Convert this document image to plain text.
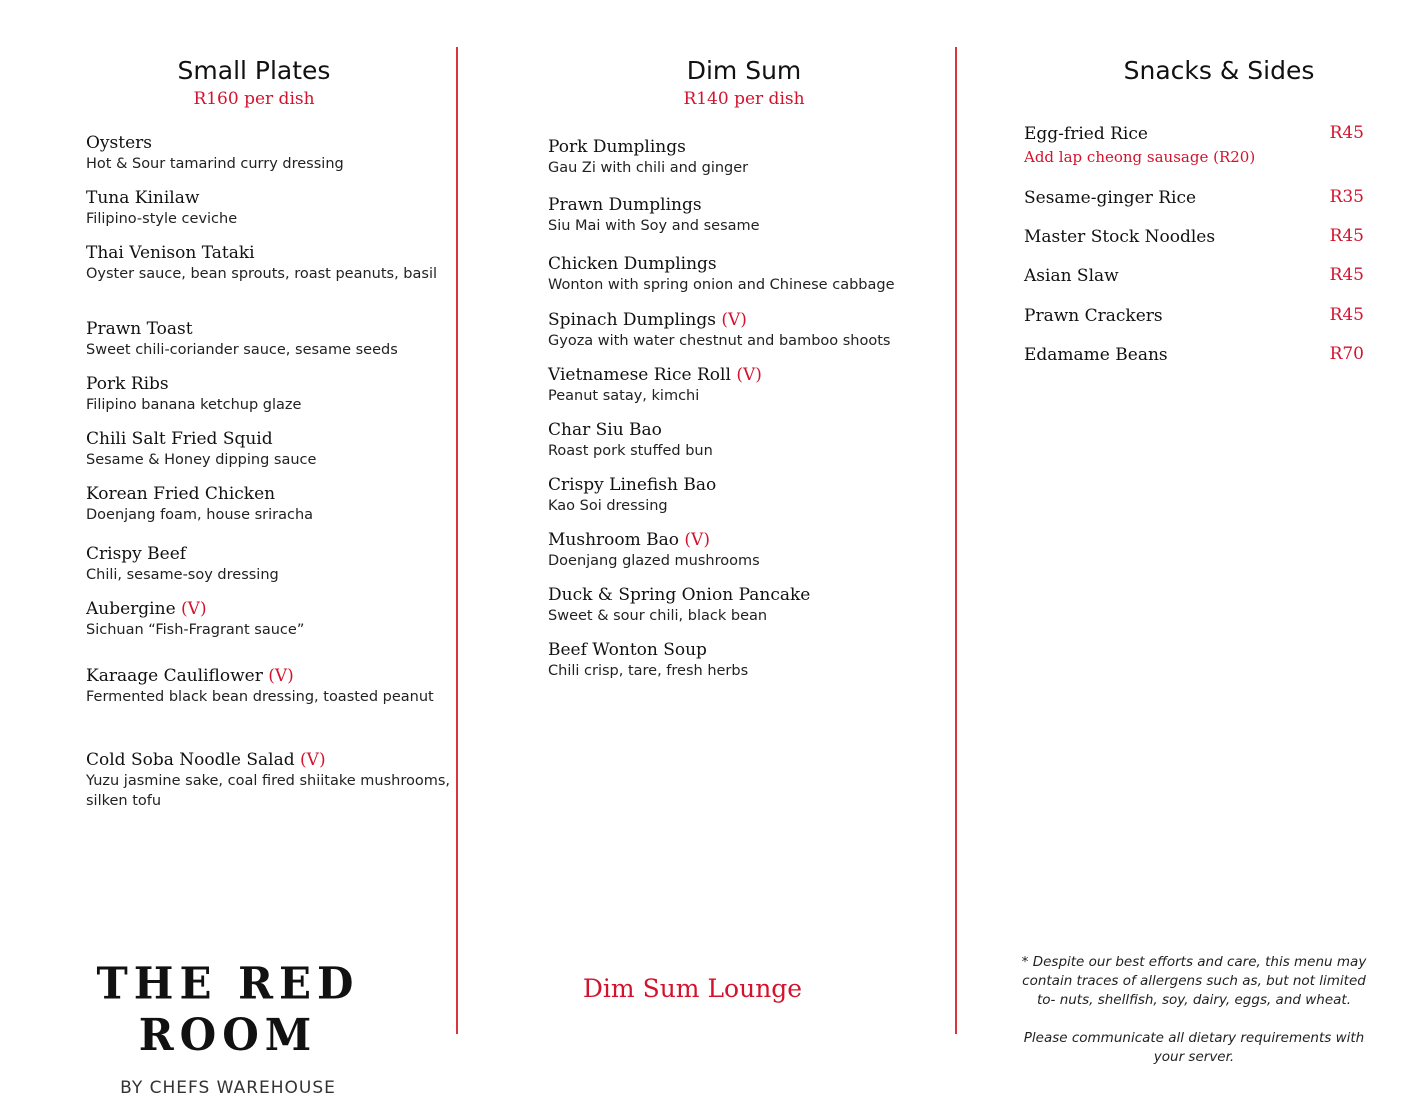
Small Plates
R160 per dish
Dim Sum
R140 per dish
Snacks & Sides
Oysters
Hot & Sour tamarind curry dressing
Tuna Kinilaw
Filipino-style ceviche
Thai Venison Tataki
Oyster sauce, bean sprouts, roast peanuts, basil
Prawn Toast
Sweet chili-coriander sauce, sesame seeds
Pork Ribs
Filipino banana ketchup glaze
Chili Salt Fried Squid
Sesame & Honey dipping sauce
Korean Fried Chicken
Doenjang foam, house sriracha
Crispy Beef
Chili, sesame-soy dressing
Aubergine (V)
Sichuan “Fish-Fragrant sauce”
Karaage Cauliflower (V)
Fermented black bean dressing, toasted peanut
Cold Soba Noodle Salad (V)
Yuzu jasmine sake, coal fired shiitake mushrooms, silken tofu
Pork Dumplings
Gau Zi with chili and ginger
Prawn Dumplings
Siu Mai with Soy and sesame
Chicken Dumplings
Wonton with spring onion and Chinese cabbage
Spinach Dumplings (V)
Gyoza with water chestnut and bamboo shoots
Vietnamese Rice Roll (V)
Peanut satay, kimchi
Char Siu Bao
Roast pork stuffed bun
Crispy Linefish Bao
Kao Soi dressing
Mushroom Bao (V)
Doenjang glazed mushrooms
Duck & Spring Onion Pancake
Sweet & sour chili, black bean
Beef Wonton Soup
Chili crisp, tare, fresh herbs
Egg-fried Rice	R45
Add lap cheong sausage (R20)
Sesame-ginger Rice	R35
Master Stock Noodles	R45
Asian Slaw	R45
Prawn Crackers	R45
Edamame Beans	R70
THE RED ROOM
BY CHEFS WAREHOUSE
Dim Sum Lounge

* Despite our best efforts and care, this menu may contain traces of allergens such as, but not limited to- nuts, shellfish, soy, dairy, eggs, and wheat.

Please communicate all dietary requirements with your server.
